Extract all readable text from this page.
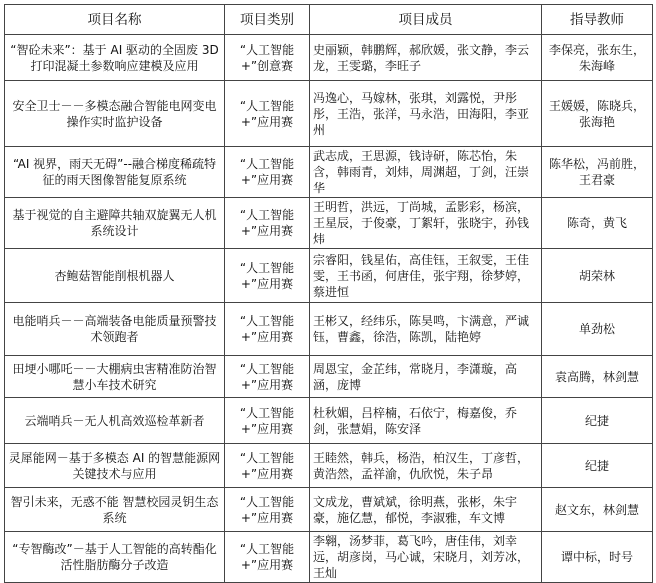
项目名称	项目类别	项目成员	指导教师
“智砼未来”：基于 AI 驱动的全固废 3D 打印混凝土参数响应建模及应用	“人工智能+”创意赛	史丽颖，韩鹏辉，郝欣媛，张文静，李云龙，王雯璐，李旺子	李保亮，张东生，朱海峰
安全卫士－－多模态融合智能电网变电操作实时监护设备	“人工智能+”应用赛	冯逸心，马嫁林，张琪，刘露悦，尹彤彤，王浩，张洋，马永浩，田海阳，李亚州	王媛媛，陈晓兵，张海艳
“AI 视界，雨天无碍”--融合梯度稀疏特征的雨天图像智能复原系统	“人工智能+”应用赛	武志成，王思源，钱诗研，陈芯怡，朱含，韩雨青，刘炜，周渊超，丁剑，汪崇华	陈华松，冯前胜，王君豪
基于视觉的自主避障共轴双旋翼无人机系统设计	“人工智能+”应用赛	王明哲，洪远，丁尚城，孟影彩，杨滨，王星辰，于俊豪，丁絮轩，张晓宇，孙钱炜	陈奇，黄飞
杏鲍菇智能削根机器人	“人工智能+”应用赛	宗睿阳，钱星佑，高佳钰，王叙雯，王佳雯，王书函，何唐佳，张宇翔，徐梦婷，蔡进恒	胡荣林
电能哨兵－－高端装备电能质量预警技术领跑者	“人工智能+”应用赛	王彬又，经纬乐，陈昊鸣，卞满意，严诚钰，曹鑫，徐浩，陈凯，陆艳婷	单劲松
田埂小哪吒－－大棚病虫害精准防治智慧小车技术研究	“人工智能+”应用赛	周恩宝，金芷纬，常晓月，李潇璇，高涵，庞博	袁高腾，林剑慧
云端哨兵－无人机高效巡检革新者	“人工智能+”应用赛	杜秋媚，吕梓楠，石依宁，梅嘉俊，乔剑，张慧娟，陈安泽	纪捷
灵犀能网－基于多模态 AI 的智慧能源网关键技术与应用	“人工智能+”应用赛	王睦然，韩兵，杨浩，柏汉生，丁彦哲，黄浩然，孟祥渝，仇欣悦，朱子昂	纪捷
智引未来，无惑不能 智慧校园灵钥生态系统	“人工智能+”应用赛	文成龙，曹斌斌，徐明燕，张彬，朱宇豪，施亿慧，郁悦，李淑雅，车文博	赵文东，林剑慧
“专智酶改”－基于人工智能的高转酯化活性脂肪酶分子改造	“人工智能+”应用赛	李翱，汤梦菲，葛飞吟，唐佳伟，刘幸远，胡彦岗，马心诚，宋晓月，刘芳冰，王灿	谭中标，时号
